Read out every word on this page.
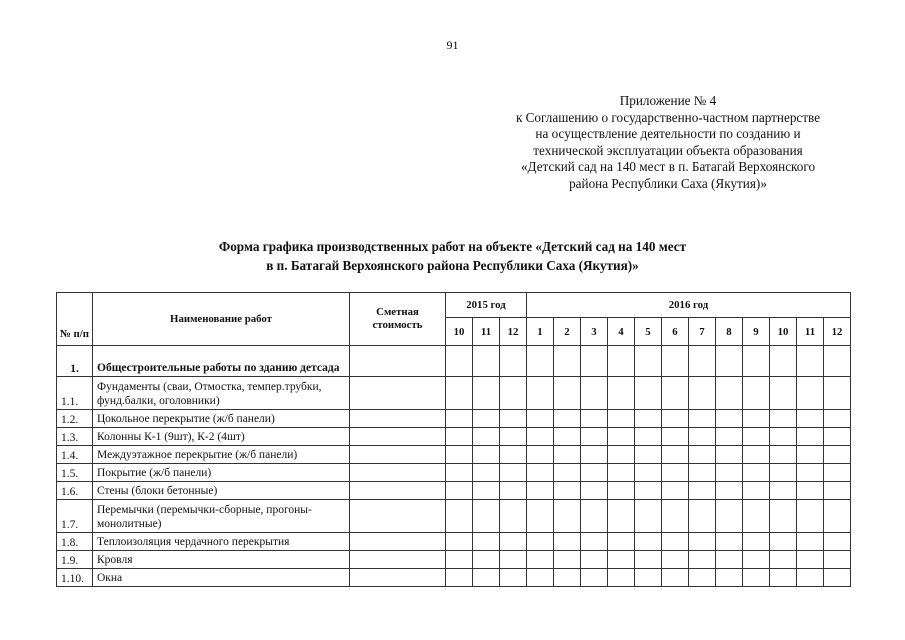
91
Приложение № 4
к Соглашению о государственно-частном партнерстве
на осуществление деятельности по созданию и
технической эксплуатации объекта образования
«Детский сад на 140 мест в п. Батагай Верхоянского
района Республики Саха (Якутия)»
Форма графика производственных работ на объекте «Детский сад на 140 мест
в п. Батагай Верхоянского района Республики Саха (Якутия)»
№ п/п	Наименование работ	Сметная стоимость	2015 год			2016 год											
			10	11	12	1	2	3	4	5	6	7	8	9	10	11	12
1.	Общестроительные работы по зданию детсада																
1.1.	Фундаменты (сваи, Отмостка, темпер.трубки, фунд.балки, оголовники)																
1.2.	Цокольное перекрытие (ж/б панели)																
1.3.	Колонны К-1 (9шт), К-2 (4шт)																
1.4.	Междуэтажное перекрытие (ж/б панели)																
1.5.	Покрытие (ж/б панели)																
1.6.	Стены (блоки бетонные)																
1.7.	Перемычки (перемычки-сборные, прогоны-монолитные)																
1.8.	Теплоизоляция чердачного перекрытия																
1.9.	Кровля																
1.10.	Окна																
